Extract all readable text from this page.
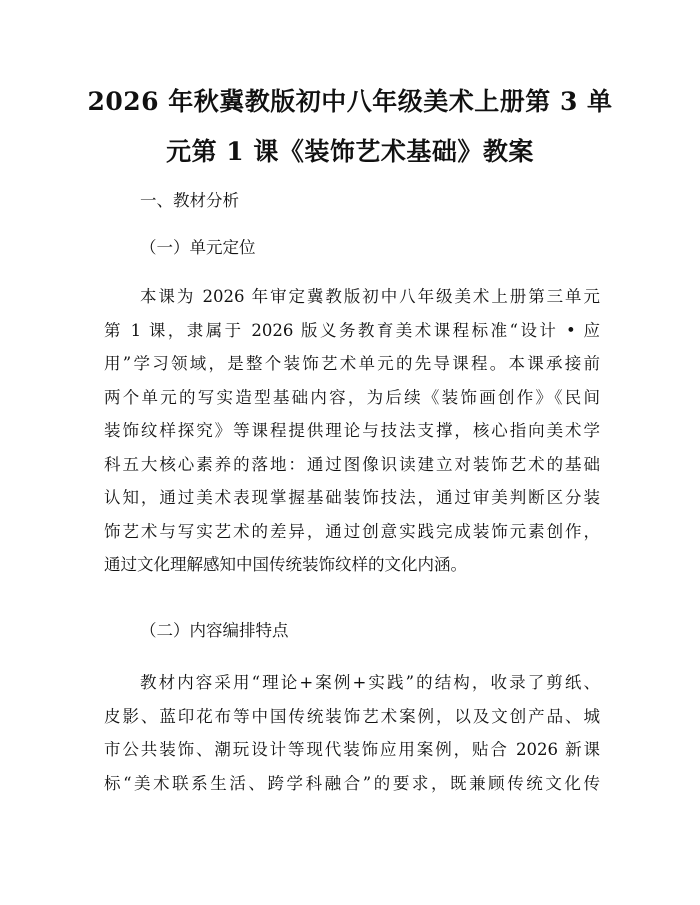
2026 年秋冀教版初中八年级美术上册第 3 单
元第 1 课《装饰艺术基础》教案
一、教材分析
（一）单元定位
本课为 2026 年审定冀教版初中八年级美术上册第三单元
第 1 课，隶属于 2026 版义务教育美术课程标准“设计 • 应
用”学习领域，是整个装饰艺术单元的先导课程。本课承接前
两个单元的写实造型基础内容，为后续《装饰画创作》《民间
装饰纹样探究》等课程提供理论与技法支撑，核心指向美术学
科五大核心素养的落地：通过图像识读建立对装饰艺术的基础
认知，通过美术表现掌握基础装饰技法，通过审美判断区分装
饰艺术与写实艺术的差异，通过创意实践完成装饰元素创作，
通过文化理解感知中国传统装饰纹样的文化内涵。
（二）内容编排特点
教材内容采用“理论+案例+实践”的结构，收录了剪纸、
皮影、蓝印花布等中国传统装饰艺术案例，以及文创产品、城
市公共装饰、潮玩设计等现代装饰应用案例，贴合 2026 新课
标“美术联系生活、跨学科融合”的要求，既兼顾传统文化传
